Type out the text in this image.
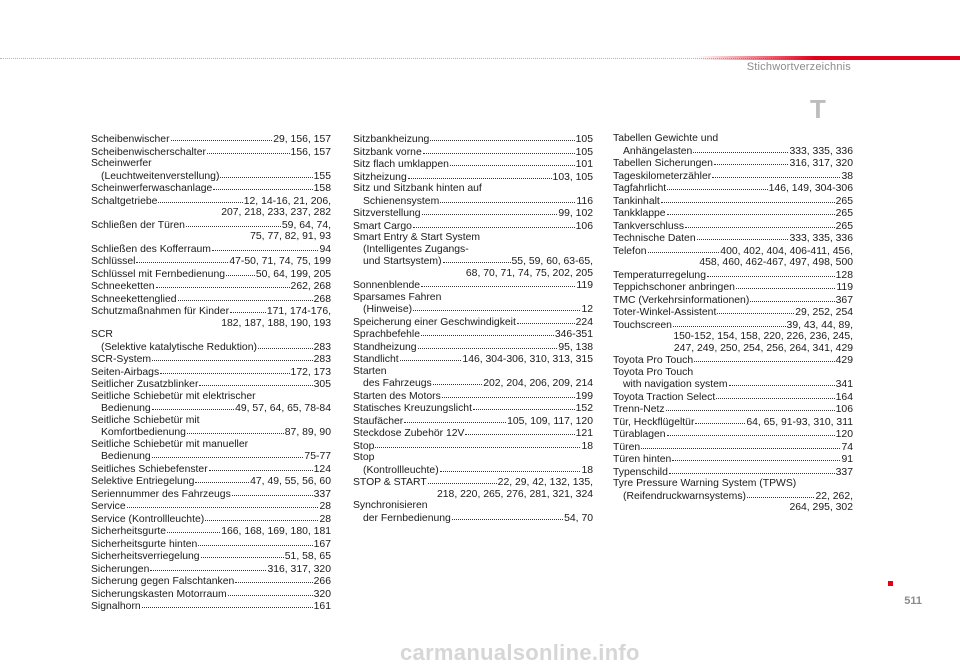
Stichwortverzeichnis
T
Scheibenwischer	29, 156, 157
Scheibenwischerschalter	156, 157
Scheinwerfer
(Leuchtweitenverstellung)	155
Scheinwerferwaschanlage	158
Schaltgetriebe	12, 14-16, 21, 206,
207, 218, 233, 237, 282
Schließen der Türen	59, 64, 74,
75, 77, 82, 91, 93
Schließen des Kofferraum	94
Schlüssel	47-50, 71, 74, 75, 199
Schlüssel mit Fernbedienung	50, 64, 199, 205
Schneeketten	262, 268
Schneekettenglied	268
Schutzmaßnahmen für Kinder	171, 174-176,
182, 187, 188, 190, 193
SCR
(Selektive katalytische Reduktion)	283
SCR-System	283
Seiten-Airbags	172, 173
Seitlicher Zusatzblinker	305
Seitliche Schiebetür mit elektrischer
Bedienung	49, 57, 64, 65, 78-84
Seitliche Schiebetür mit
Komfortbedienung	87, 89, 90
Seitliche Schiebetür mit manueller
Bedienung	75-77
Seitliches Schiebefenster	124
Selektive Entriegelung	47, 49, 55, 56, 60
Seriennummer des Fahrzeugs	337
Service	28
Service (Kontrollleuchte)	28
Sicherheitsgurte	166, 168, 169, 180, 181
Sicherheitsgurte hinten	167
Sicherheitsverriegelung	51, 58, 65
Sicherungen	316, 317, 320
Sicherung gegen Falschtanken	266
Sicherungskasten Motorraum	320
Signalhorn	161
Sitzbankheizung	105
Sitzbank vorne	105
Sitz flach umklappen	101
Sitzheizung	103, 105
Sitz und Sitzbank hinten auf
Schienensystem	116
Sitzverstellung	99, 102
Smart Cargo	106
Smart Entry & Start System
(Intelligentes Zugangs-
und Startsystem)	55, 59, 60, 63-65,
68, 70, 71, 74, 75, 202, 205
Sonnenblende	119
Sparsames Fahren
(Hinweise)	12
Speicherung einer Geschwindigkeit	224
Sprachbefehle	346-351
Standheizung	95, 138
Standlicht	146, 304-306, 310, 313, 315
Starten
des Fahrzeugs	202, 204, 206, 209, 214
Starten des Motors	199
Statisches Kreuzungslicht	152
Staufächer	105, 109, 117, 120
Steckdose Zubehör 12V	121
Stop	18
Stop
(Kontrollleuchte)	18
STOP & START	22, 29, 42, 132, 135,
218, 220, 265, 276, 281, 321, 324
Synchronisieren
der Fernbedienung	54, 70
Tabellen Gewichte und
Anhängelasten	333, 335, 336
Tabellen Sicherungen	316, 317, 320
Tageskilometerzähler	38
Tagfahrlicht	146, 149, 304-306
Tankinhalt	265
Tankklappe	265
Tankverschluss	265
Technische Daten	333, 335, 336
Telefon	400, 402, 404, 406-411, 456,
458, 460, 462-467, 497, 498, 500
Temperaturregelung	128
Teppichschoner anbringen	119
TMC (Verkehrsinformationen)	367
Toter-Winkel-Assistent	29, 252, 254
Touchscreen	39, 43, 44, 89,
150-152, 154, 158, 220, 226, 236, 245,
247, 249, 250, 254, 256, 264, 341, 429
Toyota Pro Touch	429
Toyota Pro Touch
with navigation system	341
Toyota Traction Select	164
Trenn-Netz	106
Tür, Heckflügeltür	64, 65, 91-93, 310, 311
Türablagen	120
Türen	74
Türen hinten	91
Typenschild	337
Tyre Pressure Warning System (TPWS)
(Reifendruckwarnsystems)	22, 262,
264, 295, 302
511
carmanualsonline.info
